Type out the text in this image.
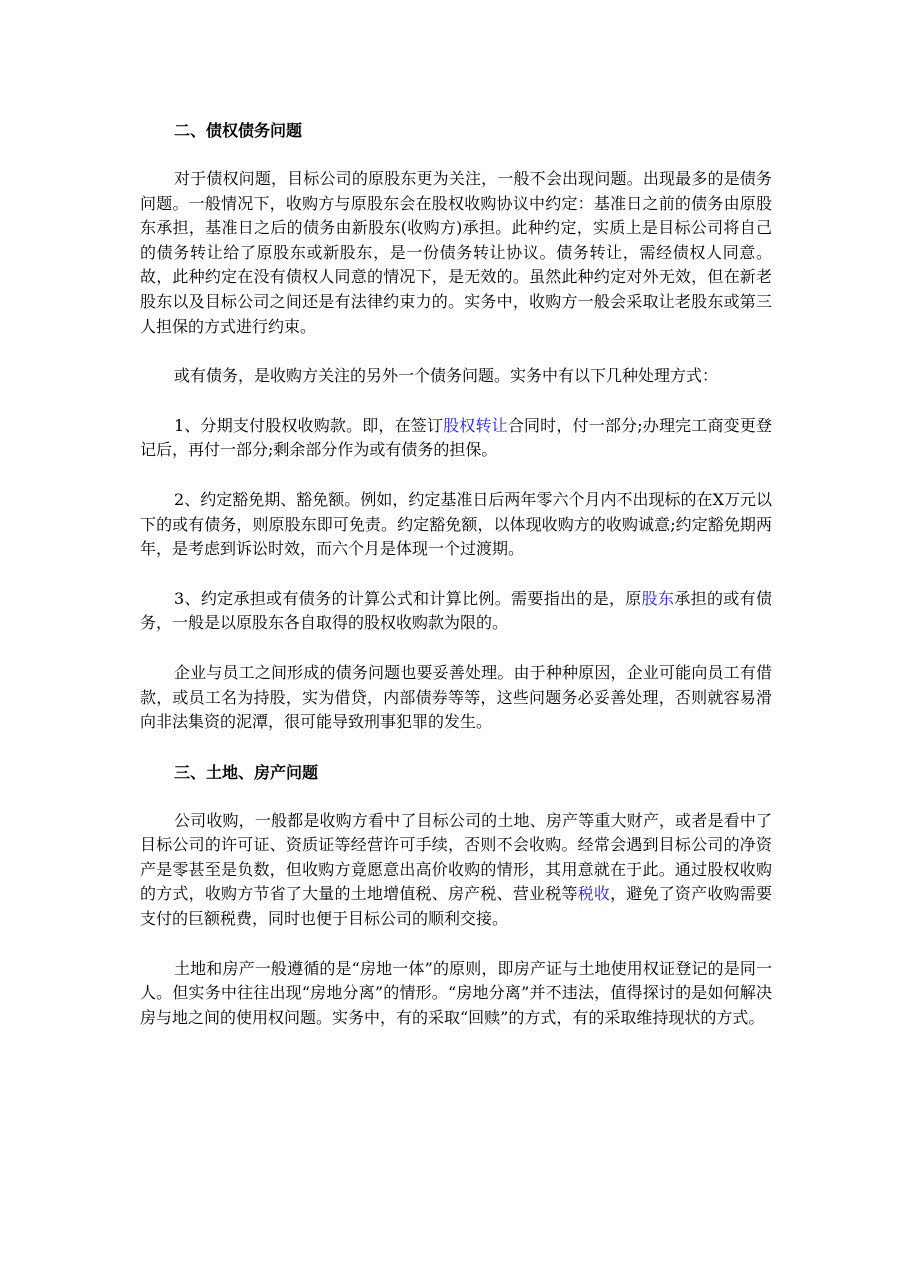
二、债权债务问题

对于债权问题，目标公司的原股东更为关注，一般不会出现问题。出现最多的是债务问题。一般情况下，收购方与原股东会在股权收购协议中约定：基准日之前的债务由原股东承担，基准日之后的债务由新股东(收购方)承担。此种约定，实质上是目标公司将自己的债务转让给了原股东或新股东，是一份债务转让协议。债务转让，需经债权人同意。故，此种约定在没有债权人同意的情况下，是无效的。虽然此种约定对外无效，但在新老股东以及目标公司之间还是有法律约束力的。实务中，收购方一般会采取让老股东或第三人担保的方式进行约束。

或有债务，是收购方关注的另外一个债务问题。实务中有以下几种处理方式：

1、分期支付股权收购款。即，在签订股权转让合同时，付一部分;办理完工商变更登记后，再付一部分;剩余部分作为或有债务的担保。

2、约定豁免期、豁免额。例如，约定基准日后两年零六个月内不出现标的在X万元以下的或有债务，则原股东即可免责。约定豁免额，以体现收购方的收购诚意;约定豁免期两年，是考虑到诉讼时效，而六个月是体现一个过渡期。

3、约定承担或有债务的计算公式和计算比例。需要指出的是，原股东承担的或有债务，一般是以原股东各自取得的股权收购款为限的。

企业与员工之间形成的债务问题也要妥善处理。由于种种原因，企业可能向员工有借款，或员工名为持股，实为借贷，内部债券等等，这些问题务必妥善处理，否则就容易滑向非法集资的泥潭，很可能导致刑事犯罪的发生。

三、土地、房产问题

公司收购，一般都是收购方看中了目标公司的土地、房产等重大财产，或者是看中了目标公司的许可证、资质证等经营许可手续，否则不会收购。经常会遇到目标公司的净资产是零甚至是负数，但收购方竟愿意出高价收购的情形，其用意就在于此。通过股权收购的方式，收购方节省了大量的土地增值税、房产税、营业税等税收，避免了资产收购需要支付的巨额税费，同时也便于目标公司的顺利交接。

土地和房产一般遵循的是“房地一体”的原则，即房产证与土地使用权证登记的是同一人。但实务中往往出现“房地分离”的情形。“房地分离”并不违法，值得探讨的是如何解决房与地之间的使用权问题。实务中，有的采取“回赎”的方式，有的采取维持现状的方式。
